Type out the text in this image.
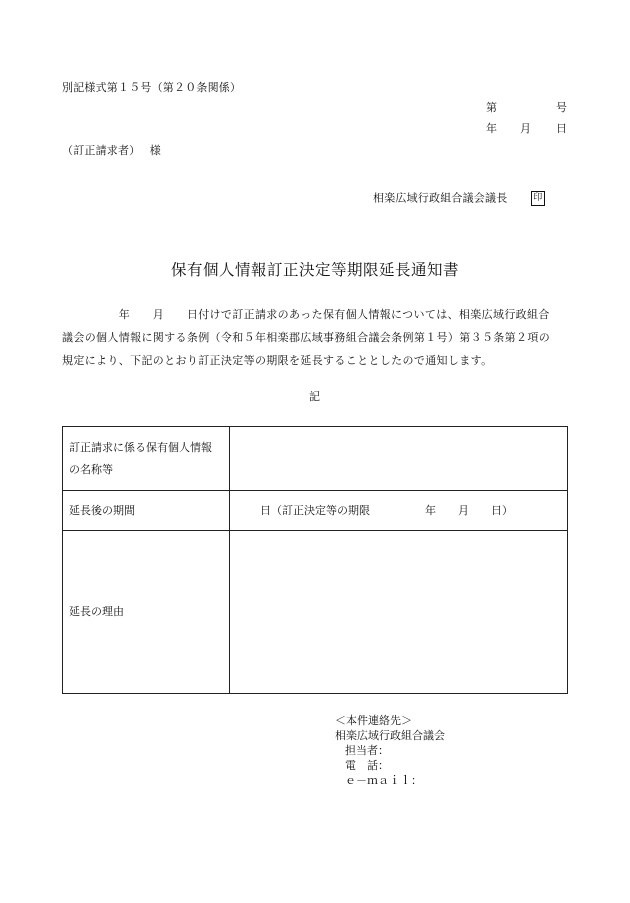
別記様式第１５号（第２０条関係）
第	号
年 月 日
（訂正請求者）　 様
相楽広域行政組合議会議長	印
保有個人情報訂正決定等期限延長通知書

　　　　　年　　月　　日付けで訂正請求のあった保有個人情報については、相楽広域行政組合

議会の個人情報に関する条例（令和５年相楽郡広域事務組合議会条例第１号）第３５条第２項の

規定により、下記のとおり訂正決定等の期限を延長することとしたので通知します。

記
訂正請求に係る保有個人情報
の名称等	

延長後の期間	日（訂正決定等の期限　　　　　年　　月　　日）
延長の理由	
＜本件連絡先＞
相楽広域行政組合議会
担当者：
電　話：
ｅ－ｍａｉｌ：
